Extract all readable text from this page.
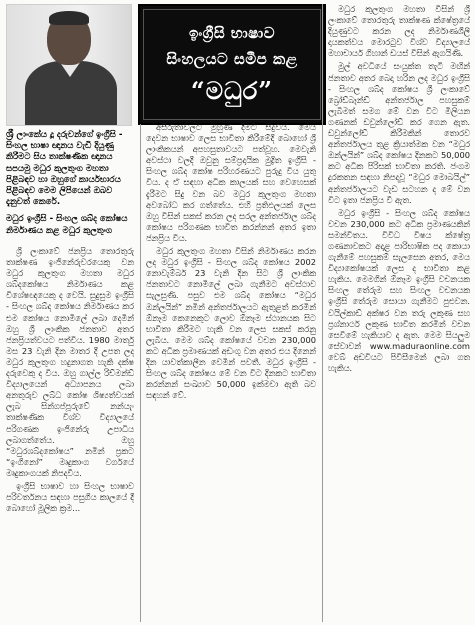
ඉංග්‍රීසි භාෂාව
සිංහලයට සමීප කළ
“මධුර”
ශ්‍රී ලාංකේය දූ දරුවන්ගේ ඉංග්‍රීසි - සිංහල භාෂා ඥානය වැඩි දියුණු කිරීමට සිය තාක්ෂණික ඥානය සපයමු මධුර කුලතුංග මහතා පිළිබඳව හා ඔහුගේ කාර්යභාරය පිළිබඳව මෙම ලිපියෙන් ඔබව දැනුවත් කෙරේ.
මධුර ඉංග්‍රීසි - සිංහල ශබ්ද කෝෂය නිර්මාණය කළ මධුර කුලතුංග

ශ්‍රී ලංකාවේ ජනප්‍රිය තොරතුරු තාක්ෂණ ඉංජිනේරුවරයෙකු වන මධුර කුලතුංග මහතා මධුර ශබ්දකෝෂය නිර්මාණය කළ විශේෂඥයෙකු ද වෙයි. සුදුසුම ඉංග්‍රීසි - සිංහල ශබ්ද කෝෂය නිර්මාණය කර එම කෝෂය නොමිලේ ලබා දෙමින් ඔහු ශ්‍රී ලාංකික ජනතාව අතර ජනප්‍රියත්වයට පත්විය. 1980 මාර්තු මස 23 වැනි දින මාතර දී උපත ලද මධුර කුලතුංග හදුනාගත හැකි දක්ෂ දරුවෙකු ද විය. ඔහු ගාල්ල රිච්මන්ඩ් විද්‍යාලයෙන් අධ්‍යාපනය ලබා අනතුරුව ලබ්ධ කෝෂ ශිෂ්‍යත්වයක් ලැබ සින්ගප්පූරුවේ නන්යැං තාක්ෂණික විශ්ව විද්‍යාලයේ පරිගණක ඉංජිනේරු උපාධිය ලබාගත්තේය. ඔහු “මධුරශබ්දකෝෂය” නමින් ප්‍රකට “ඉංගිනෝ” මෘදුකාංග වර්ගයේ මෘදුකාංගයක් නිපදවීය.

ඉංග්‍රීසි භාෂාව හා සිංහල භාෂාව පරිවර්තනය සඳහා පසුගිය කාලයේ දී බොහෝ මූලික ක්‍රම...

අසීරුතාවලට මුහුණ දීමට සිදුවිය. මෙය දෙවන භාෂාව ලෙස භාවිතා කිරීමේදී බොහෝ ශ්‍රී ලාංකිකයන් අපහසුතාවයට පත්වූහ. මෙවැනි අවස්ථා වලදී ඔවුනු සම්ප්‍රදායික මුද්‍රිත ඉංග්‍රීසි - සිංහල ශබ්ද කෝෂ පරිහරණයට පුරුදු විය යුතු විය. ද ඒ සඳහා අධික කාලයක් සහ වෙහෙසක් දැරීමට සිදු වන බව මධුර කුලතුංග මහතා අවබෝධ කර ගත්තේය. එහි ප්‍රතිඵලයක් ලෙස ඔහු විසින් සකස් කරන ලද සරල අන්තර්ජාල ශබ්ද කෝෂය පරිගණක භාවිත කරන්නන් අතර ඉතා ජනප්‍රිය විය.

මධුර කුලතුංග මහතා විසින් නිර්මාණය කරන ලද මධුර ඉංග්‍රීසි - සිංහල ශබ්ද කෝෂය 2002 නොවැම්බර් 23 වැනි දින සිට ශ්‍රී ලාංකික ජනතාවට නොමිලේ ලබා ගැනීමට අවස්ථාව සැලසුණි. පසුව එම ශබ්ද කෝෂය “මධුර ඔන්ලයින්” නමින් අන්තර්ජාලයට ඇතුළත් කරමින් ඕනෑම කෙනෙකුට ලොව ඕනෑම ස්ථානයක සිට භාවිතා කිරීමට හැකි වන ලෙස සකස් කරනු ලැබීය. මෙම ශබ්ද කෝෂයේ වචන 230,000 කට අධික ප්‍රමාණයක් අඩංගු වන අතර එය දිනෙන් දින යාවත්කාලීන වෙමින් පවතී. මධුර ඉංග්‍රීසි - සිංහල ශබ්ද කෝෂය මේ වන විට දිනකට භාවිතා කරන්නන් සංඛ්‍යාව 50,000 ඉක්මවා ඇති බව සඳහන් වේ.

මධුර කුලතුංග මහතා විසින් ශ්‍රී ලංකාවේ තොරතුරු තාක්ෂණ ක්ෂේත්‍රයේ දියුණුවට කරන ලද නිර්මාණශීලී දායකත්වය මොරටුව විශ්ව විද්‍යාලයේ මහාචාර්ය ගිහාන් ඩයස් විසින් ඇගයිණි.

මුල් අවධියේ සංයුක්ත තැටි මඟින් ජනතාව අතර බෙදා හරින ලද මධුර ඉංග්‍රීසි - සිංහල ශබ්ද කෝෂය ශ්‍රී ලංකාවේ බ්‍රෝඩ්බෑන්ඩ් අන්තර්ජාල පහසුකම් ලැබීමත් සමග මේ වන විට මිලියන ගණනක් ඩවුන්ලෝඩ් කර ගෙන ඇත. ඩවුන්ලෝඩ් කිරීමකින් තොරව අන්තර්ජාලය තුළ ක්‍රියාත්මක වන “මධුර ඔන්ලයින්” ශබ්ද කෝෂය දිනකට 50,000 කට අධික පිරිසක් භාවිතා කරති. ජංගම දුරකතන සඳහා නිපදවූ “මධුර මොබයිල්” අන්තර්ජාලයට වැඩ සටහන ද මේ වන විට ඉතා ජනප්‍රිය වී ඇත.

මධුර ඉංග්‍රීසි - සිංහල ශබ්ද කෝෂය වචන 230,000 කට අධික ප්‍රමාණයකින් සමන්විතය. විවිධ විෂය ක්ෂේත්‍ර ගණනාවකට අදාළ පාරිභාෂික පද කොයා ගැනීමේ පහසුකම් සැලසෙන අතර, මෙය විද්‍යාකෝෂයක් ලෙස ද භාවිතා කළ හැකිය. මෙමගින් ඕනෑම ඉංග්‍රීසි වචනයක සිංහල තේරුම සහ සිංහල වචනයක ඉංග්‍රීසි තේරුම සොයා ගැනීමට පුළුවන. වයිල්කාඩ් අක්ෂර වන තරු ලකුණ සහ ප්‍රශ්නාර්ථ ලකුණ භාවිත කරමින් වචන සෙවීමේ හැකියාව ද ඇත. මෙම සියලුම සේවාවන් www.maduraonline.com වෙබ් අඩවියට පිවිසීමෙන් ලබා ගත හැකිය.
